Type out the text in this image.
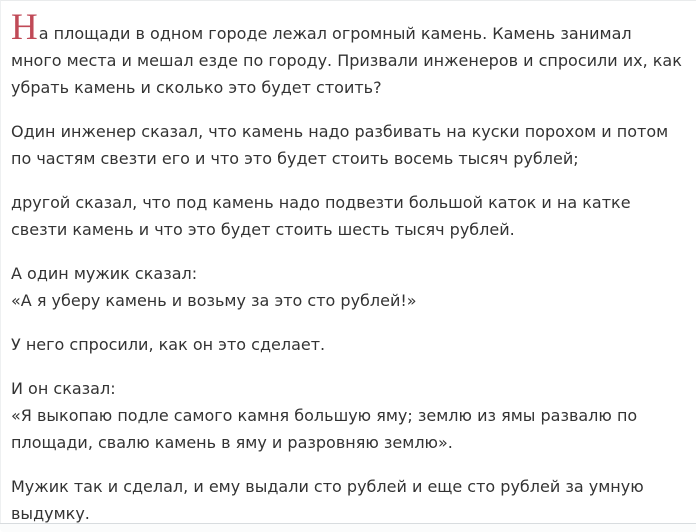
На площади в одном городе лежал огромный камень. Камень занимал много места и мешал езде по городу. Призвали инженеров и спросили их, как убрать камень и сколько это будет стоить?

Один инженер сказал, что камень надо разбивать на куски порохом и потом по частям свезти его и что это будет стоить восемь тысяч рублей;

другой сказал, что под камень надо подвезти большой каток и на катке свезти камень и что это будет стоить шесть тысяч рублей.

А один мужик сказал:
«А я уберу камень и возьму за это сто рублей!»

У него спросили, как он это сделает.

И он сказал:
«Я выкопаю подле самого камня большую яму; землю из ямы развалю по площади, свалю камень в яму и разровняю землю».

Мужик так и сделал, и ему выдали сто рублей и еще сто рублей за умную выдумку.
